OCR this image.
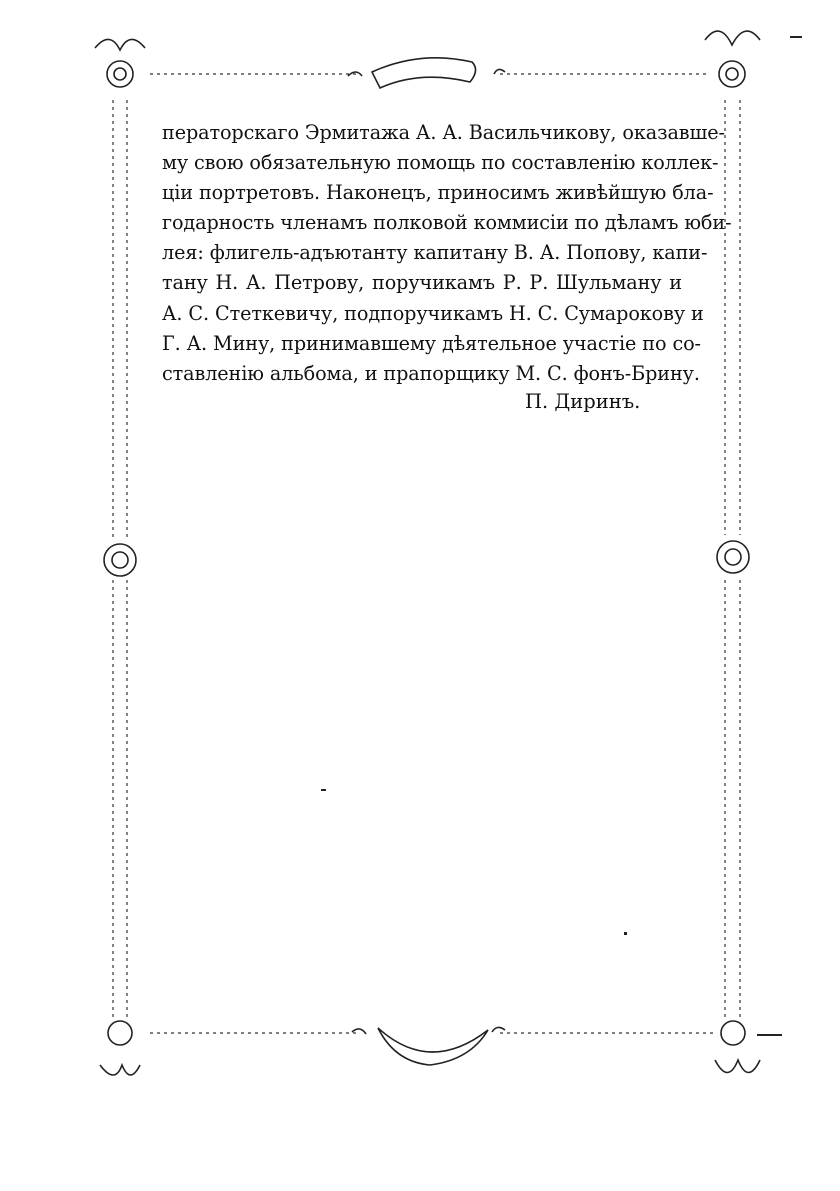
ператорскаго Эрмитажа А. А. Васильчикову, оказавше-
му свою обязательную помощь по составленію коллек-
ціи портретовъ. Наконецъ, приносимъ живѣйшую бла-
годарность членамъ полковой коммисіи по дѣламъ юби-
лея: флигель-адъютанту капитану В. А. Попову, капи-
тану Н. А. Петрову, поручикамъ Р. Р. Шульману и
А. С. Стеткевичу, подпоручикамъ Н. С. Сумарокову и
Г. А. Мину, принимавшему дѣятельное участіе по со-
ставленію альбома, и прапорщику М. С. фонъ-Брину.
П. Диринъ.
